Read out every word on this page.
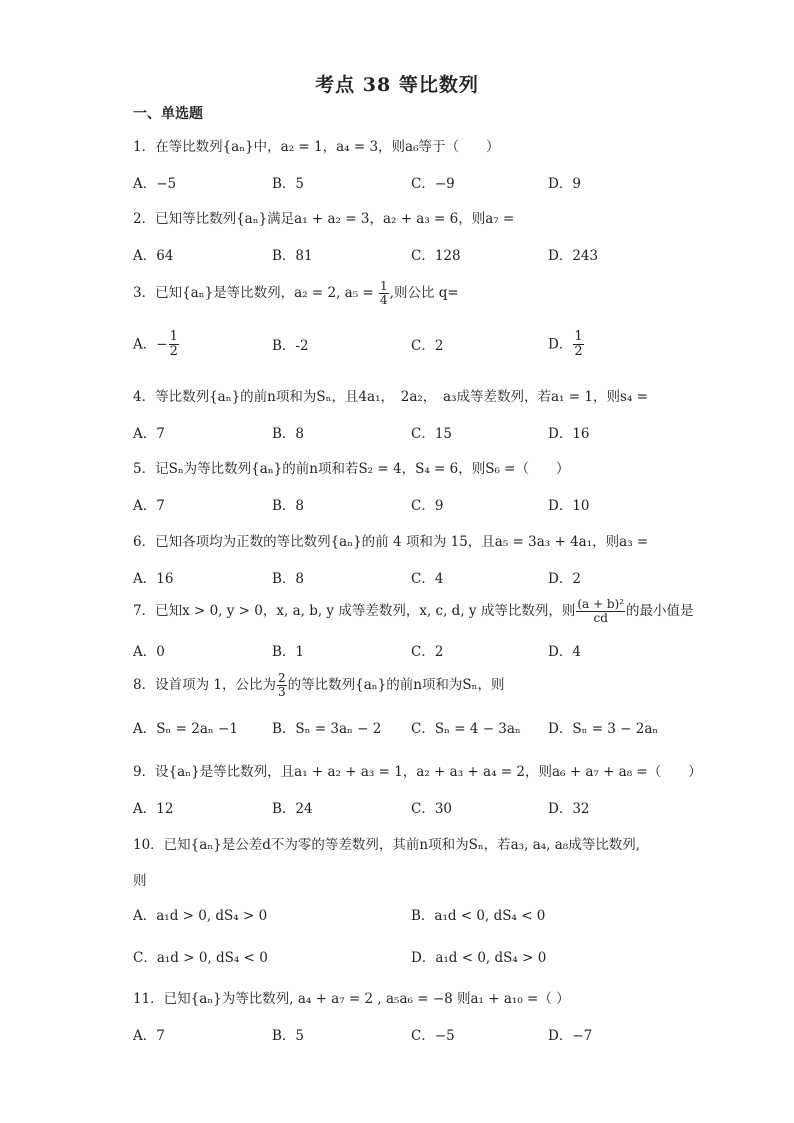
考点 38 等比数列
一、单选题
1．在等比数列{aₙ}中，a₂ = 1，a₄ = 3，则a₆等于（　　）
A．−5	B．5	C．−9	D．9
2．已知等比数列{aₙ}满足a₁ + a₂ = 3，a₂ + a₃ = 6，则a₇ =
A．64	B．81	C．128	D．243
3．已知{aₙ}是等比数列，a₂ = 2, $a_5 = \frac{1}{4}$ ,则公比 q=
A．− $\frac{1}{2}$	B．-2	C．2	D． $\frac{1}{2}$
4．等比数列{aₙ}的前n项和为Sₙ，且4a₁，　2a₂，　a₃成等差数列，若a₁ = 1，则s₄ =
A．7	B．8	C．15	D．16
5．记Sₙ为等比数列{aₙ}的前n项和若S₂ = 4，S₄ = 6，则S₆ =（　　）
A．7	B．8	C．9	D．10
6．已知各项均为正数的等比数列{aₙ}的前 4 项和为 15，且a₅ = 3a₃ + 4a₁，则a₃ =
A．16	B．8	C．4	D．2
7．已知x > 0, y > 0，x, a, b, y 成等差数列，x, c, d, y 成等比数列，则 $\frac{\text{(a + b)²}}{cd}$ 的最小值是
A．0	B．1	C．2	D．4
8．设首项为 1，公比为 $\frac{2}{3}$ 的等比数列{aₙ}的前n项和为Sₙ，则
A．Sₙ = 2aₙ −1	B．Sₙ = 3aₙ − 2 C．Sₙ = 4 − 3aₙ D．Sₙ = 3 − 2aₙ
9．设{aₙ}是等比数列，且a₁ + a₂ + a₃ = 1，a₂ + a₃ + a₄ = 2，则a₆ + a₇ + a₈ =（　　）
A．12	B．24	C．30	D．32
10．已知{aₙ}是公差d不为零的等差数列，其前n项和为Sₙ，若a₃, a₄, a₈成等比数列,
则
A．a₁d > 0, dS₄ > 0	B．a₁d < 0, dS₄ < 0
C．a₁d > 0, dS₄ < 0	D．a₁d < 0, dS₄ > 0
11．已知{aₙ}为等比数列, a₄ + a₇ = 2 , a₅a₆ = −8 则a₁ + a₁₀ =（ ）
A．7	B．5	C．−5	D．−7
